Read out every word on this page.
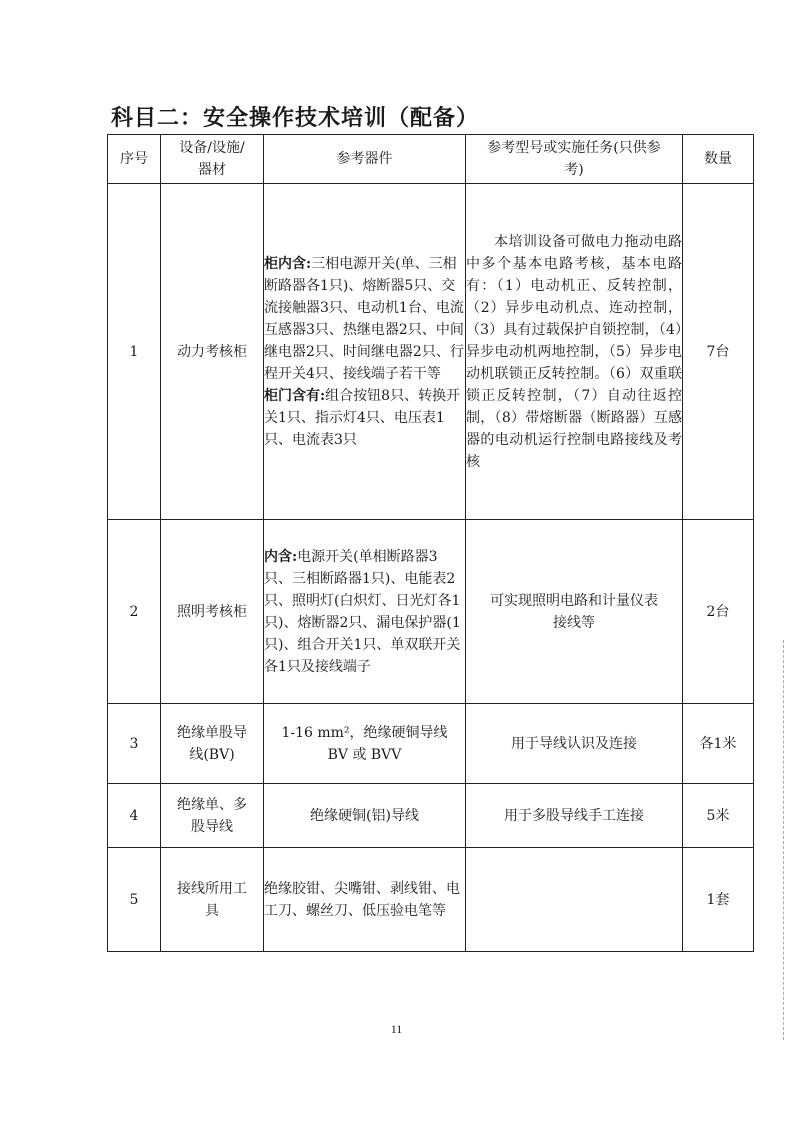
科目二：安全操作技术培训（配备）
序号	设备/设施/器材	参考器件	参考型号或实施任务(只供参考)	数量
1	动力考核柜	柜内含:三相电源开关(单、三相断路器各1只)、熔断器5只、交流接触器3只、电动机1台、电流互感器3只、热继电器2只、中间继电器2只、时间继电器2只、行程开关4只、接线端子若干等
柜门含有:组合按钮8只、转换开关1只、指示灯4只、电压表1只、电流表3只	本培训设备可做电力拖动电路中多个基本电路考核，基本电路有：（1）电动机正、反转控制，（2）异步电动机点、连动控制，（3）具有过载保护自锁控制，（4）异步电动机两地控制，（5）异步电动机联锁正反转控制。（6）双重联锁正反转控制，（7）自动往返控制，（8）带熔断器（断路器）互感器的电动机运行控制电路接线及考核	7台
2	照明考核柜	内含:电源开关(单相断路器3只、三相断路器1只)、电能表2只、照明灯(白炽灯、日光灯各1只)、熔断器2只、漏电保护器(1只)、组合开关1只、单双联开关各1只及接线端子	可实现照明电路和计量仪表接线等	2台
3	绝缘单股导线(BV)	1-16 mm²，绝缘硬铜导线 BV 或 BVV	用于导线认识及连接	各1米
4	绝缘单、多股导线	绝缘硬铜(铝)导线	用于多股导线手工连接	5米
5	接线所用工具	绝缘胶钳、尖嘴钳、剥线钳、电工刀、螺丝刀、低压验电笔等		1套
11
